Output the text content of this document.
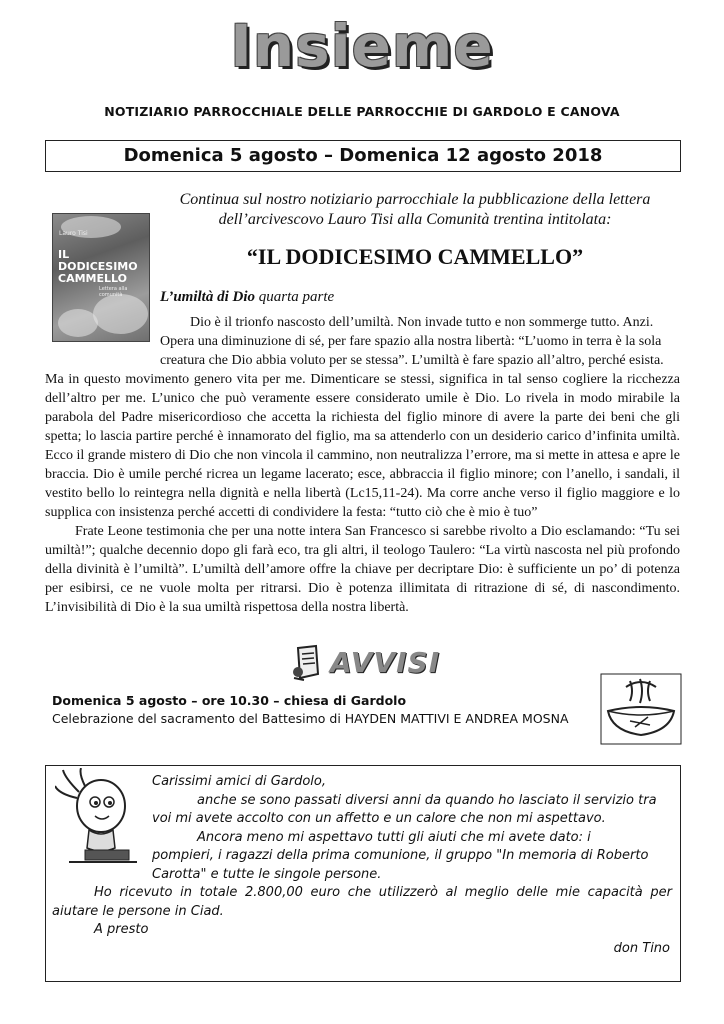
Insieme
NOTIZIARIO PARROCCHIALE DELLE PARROCCHIE DI GARDOLO E CANOVA
Domenica 5 agosto – Domenica 12 agosto 2018
Lauro Tisi
IL DODICESIMO CAMMELLO
Lettera alla comunità
Continua sul nostro notiziario parrocchiale la pubblicazione della lettera
dell’arcivescovo Lauro Tisi alla Comunità trentina intitolata:
“IL DODICESIMO CAMMELLO”
L’umiltà di Dio quarta parte

Dio è il trionfo nascosto dell’umiltà. Non invade tutto e non sommerge tutto. Anzi.

Opera una diminuzione di sé, per fare spazio alla nostra libertà: “L’uomo in terra è la sola

creatura che Dio abbia voluto per se stessa”. L’umiltà è fare spazio all’altro, perché esista.

Ma in questo movimento genero vita per me. Dimenticare se stessi, significa in tal senso cogliere la ricchezza dell’altro per me. L’unico che può veramente essere considerato umile è Dio. Lo rivela in modo mirabile la parabola del Padre misericordioso che accetta la richiesta del figlio minore di avere la parte dei beni che gli spetta; lo lascia partire perché è innamorato del figlio, ma sa attenderlo con un desiderio carico d’infinita umiltà. Ecco il grande mistero di Dio che non vincola il cammino, non neutralizza l’errore, ma si mette in attesa e apre le braccia. Dio è umile perché ricrea un legame lacerato; esce, abbraccia il figlio minore; con l’anello, i sandali, il vestito bello lo reintegra nella dignità e nella libertà (Lc15,11-24). Ma corre anche verso il figlio maggiore e lo supplica con insistenza perché accetti di condividere la festa: “tutto ciò che è mio è tuo”

Frate Leone testimonia che per una notte intera San Francesco si sarebbe rivolto a Dio esclamando: “Tu sei umiltà!”; qualche decennio dopo gli farà eco, tra gli altri, il teologo Taulero: “La virtù nascosta nel più profondo della divinità è l’umiltà”. L’umiltà dell’amore offre la chiave per decriptare Dio: è sufficiente un po’ di potenza per esibirsi, ce ne vuole molta per ritrarsi. Dio è potenza illimitata di ritrazione di sé, di nascondimento. L’invisibilità di Dio è la sua umiltà rispettosa della nostra libertà.

AVVISI
Domenica 5 agosto – ore 10.30 – chiesa di Gardolo
Celebrazione del sacramento del Battesimo di HAYDEN MATTIVI E ANDREA MOSNA

Carissimi amici di Gardolo,

anche se sono passati diversi anni da quando ho lasciato il servizio tra

voi mi avete accolto con un affetto e un calore che non mi aspettavo.

Ancora meno mi aspettavo tutti gli aiuti che mi avete dato: i

pompieri, i ragazzi della prima comunione, il gruppo "In memoria di Roberto

Carotta" e tutte le singole persone.

Ho ricevuto in totale 2.800,00 euro che utilizzerò al meglio delle mie capacità per aiutare le persone in Ciad.

A presto

don Tino
